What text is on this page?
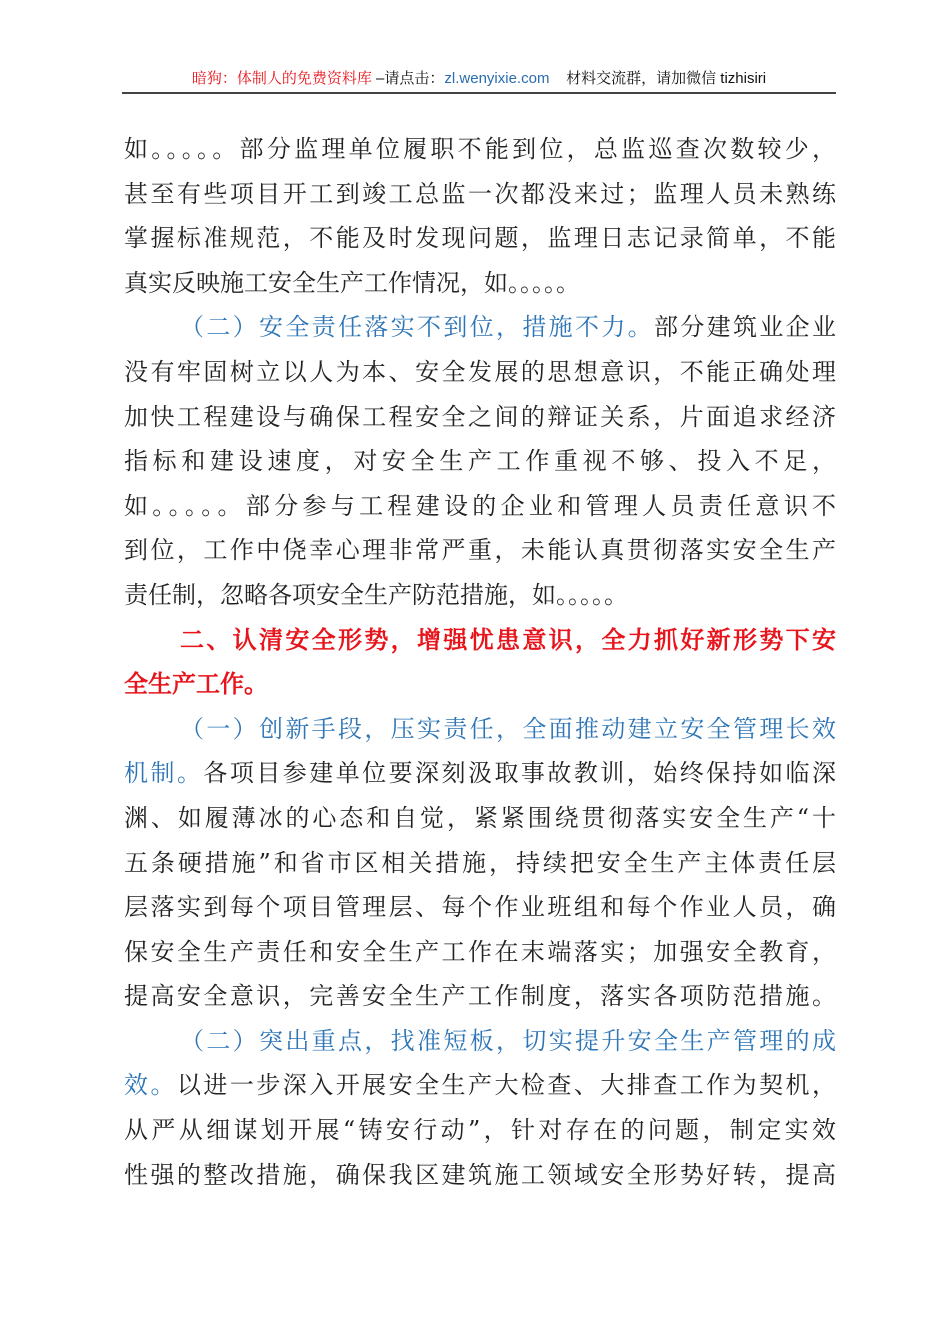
暗狗：体制人的免费资料库 –请点击：zl.wenyixie.com 材料交流群，请加微信 tizhisiri
如。。。。。部分监理单位履职不能到位，总监巡查次数较少，
甚至有些项目开工到竣工总监一次都没来过；监理人员未熟练
掌握标准规范，不能及时发现问题，监理日志记录简单，不能
真实反映施工安全生产工作情况，如。。。。。
（二）安全责任落实不到位，措施不力。部分建筑业企业
没有牢固树立以人为本、安全发展的思想意识，不能正确处理
加快工程建设与确保工程安全之间的辩证关系，片面追求经济
指标和建设速度，对安全生产工作重视不够、投入不足，
如。。。。。部分参与工程建设的企业和管理人员责任意识不
到位，工作中侥幸心理非常严重，未能认真贯彻落实安全生产
责任制，忽略各项安全生产防范措施，如。。。。。
二、认清安全形势，增强忧患意识，全力抓好新形势下安
全生产工作。
（一）创新手段，压实责任，全面推动建立安全管理长效
机制。各项目参建单位要深刻汲取事故教训，始终保持如临深
渊、如履薄冰的心态和自觉，紧紧围绕贯彻落实安全生产“十
五条硬措施”和省市区相关措施，持续把安全生产主体责任层
层落实到每个项目管理层、每个作业班组和每个作业人员，确
保安全生产责任和安全生产工作在末端落实；加强安全教育，
提高安全意识，完善安全生产工作制度，落实各项防范措施。
（二）突出重点，找准短板，切实提升安全生产管理的成
效。以进一步深入开展安全生产大检查、大排查工作为契机，
从严从细谋划开展“铸安行动”，针对存在的问题，制定实效
性强的整改措施，确保我区建筑施工领域安全形势好转，提高
